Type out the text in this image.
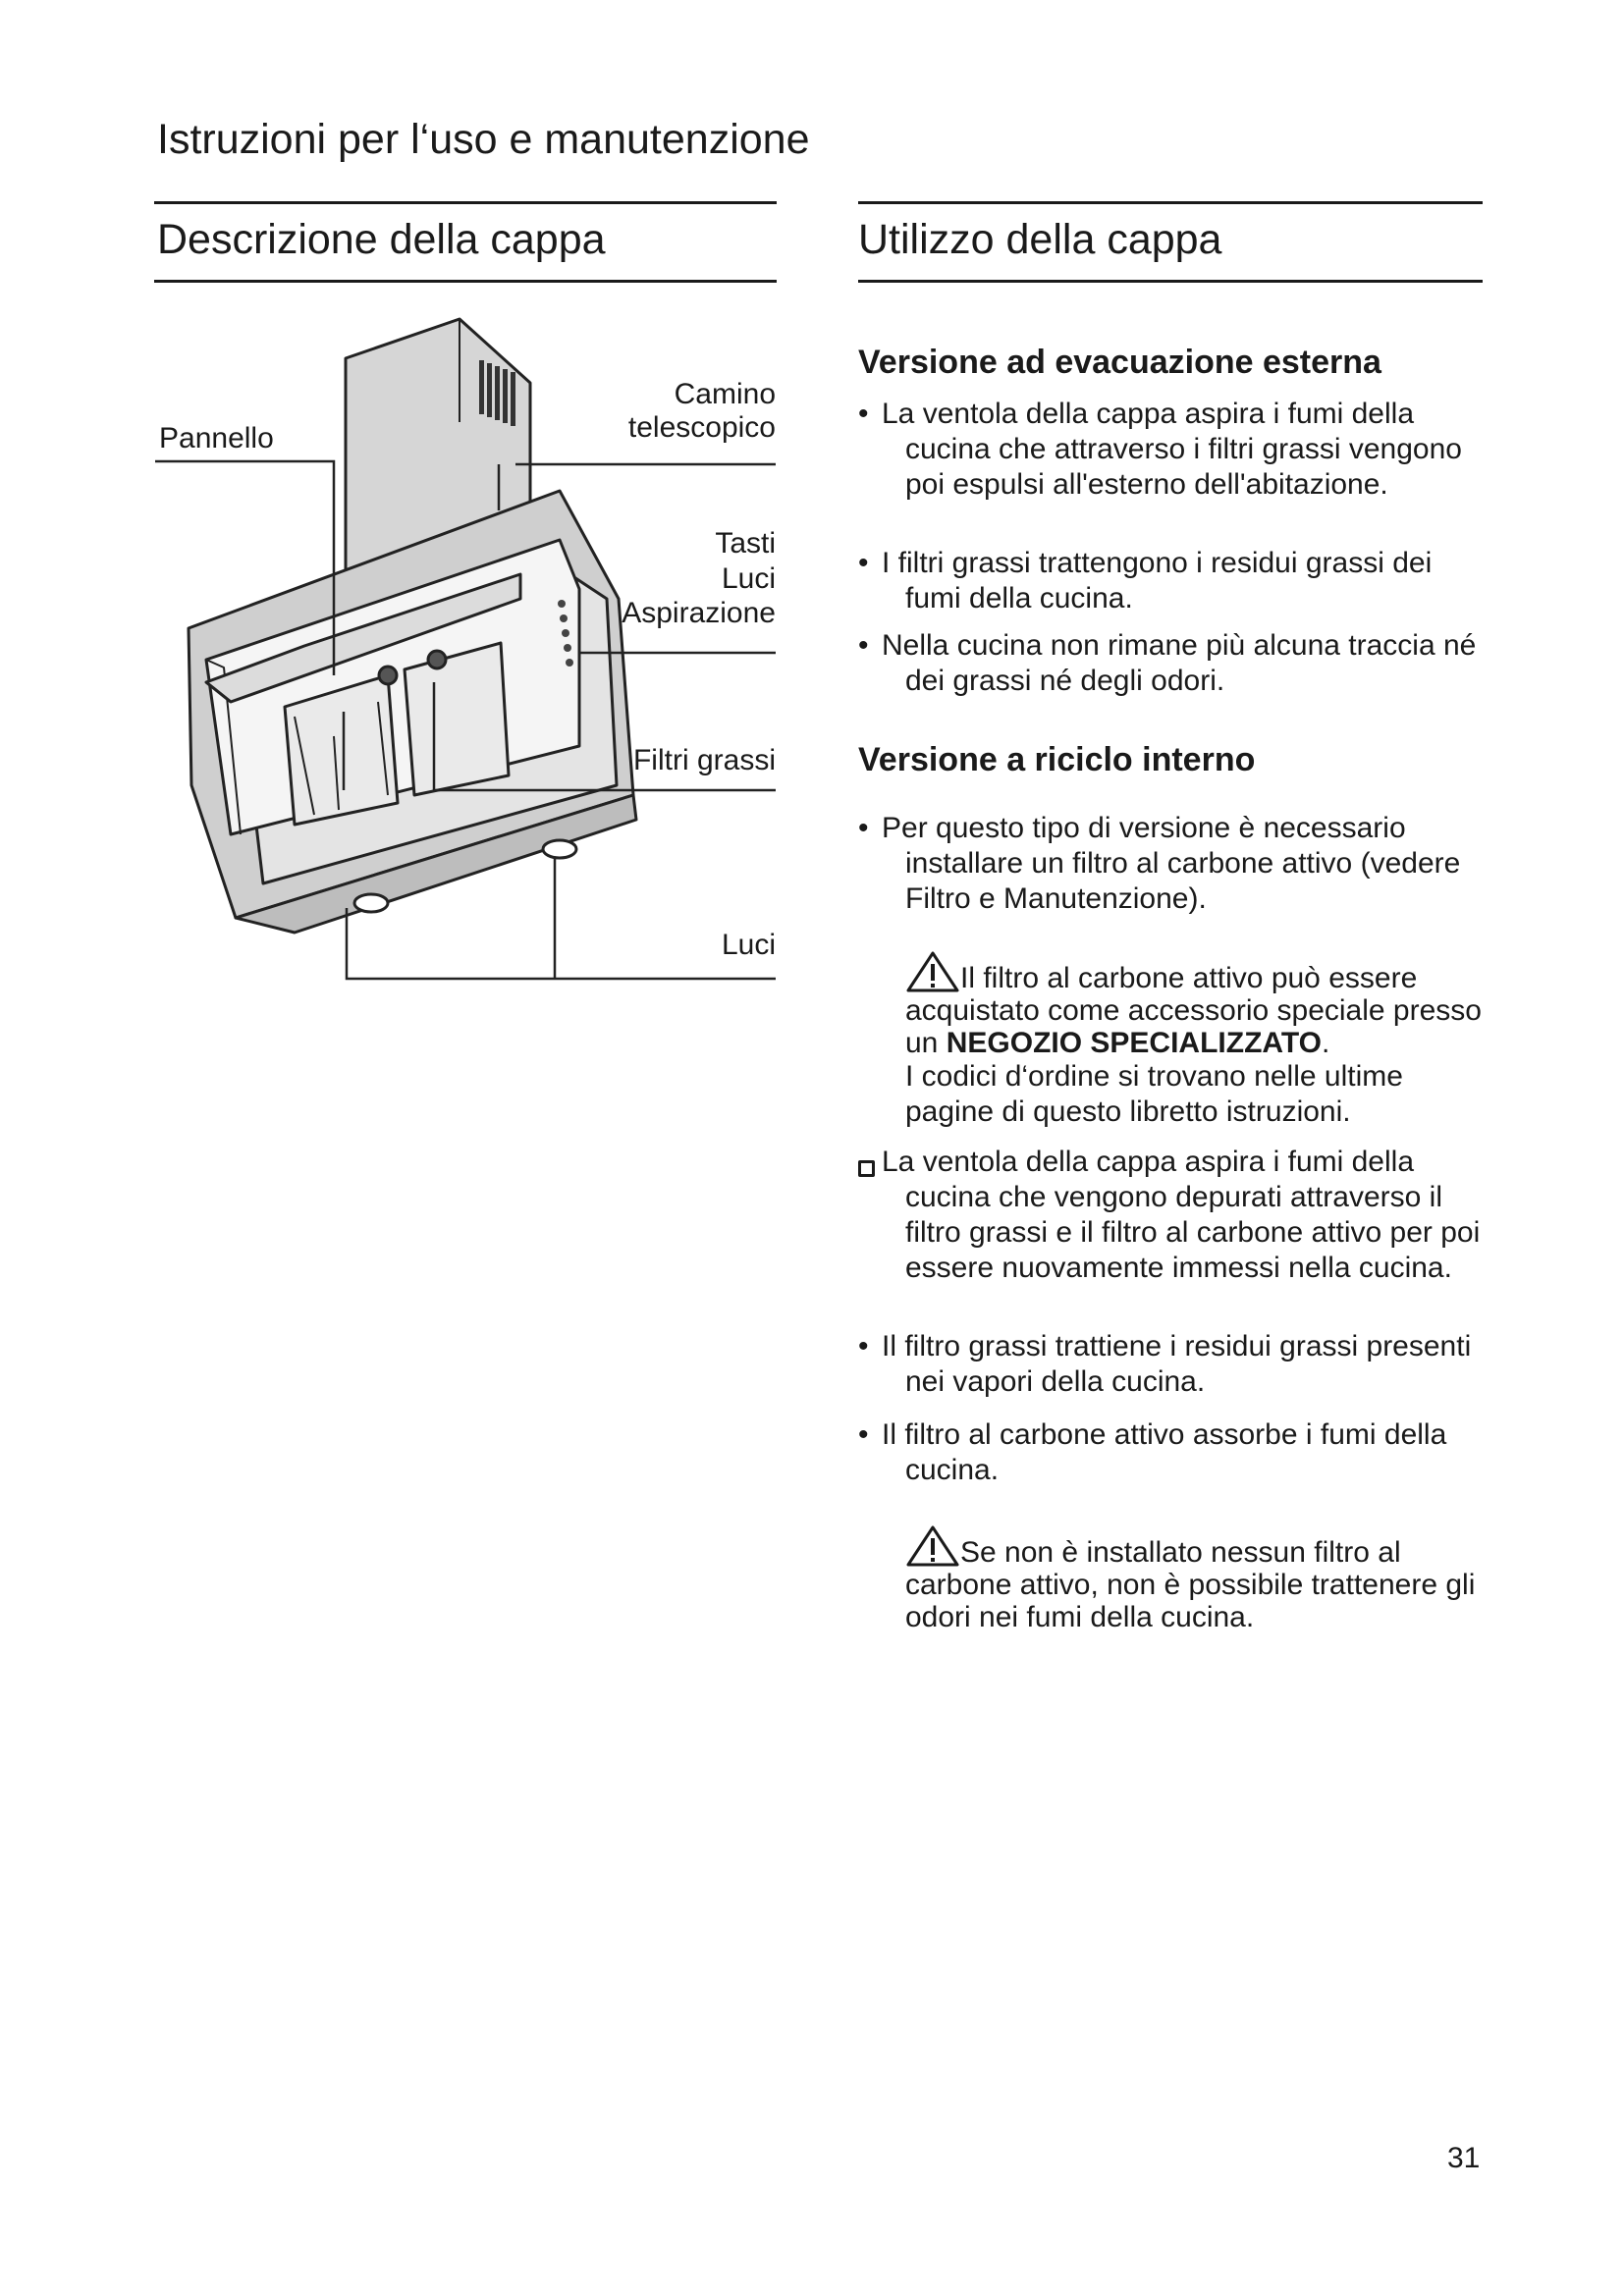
Istruzioni per l‘uso e manutenzione
Descrizione della cappa	Utilizzo della cappa
Pannello
Camino
telescopico
Tasti
Luci
Aspirazione
Filtri grassi
Luci
Versione ad evacuazione esterna
• La ventola della cappa aspira i fumi della cucina che attraverso i filtri grassi vengono poi espulsi all'esterno dell'abitazione.
• I filtri grassi trattengono i residui grassi dei fumi della cucina.
• Nella cucina non rimane più alcuna traccia né dei grassi né degli odori.
Versione a riciclo interno
• Per questo tipo di versione è necessario installare un filtro al carbone attivo (vedere Filtro e Manutenzione).
Il filtro al carbone attivo può essere acquistato come accessorio speciale presso un NEGOZIO SPECIALIZZATO.
I codici d‘ordine si trovano nelle ultime pagine di questo libretto istruzioni.
La ventola della cappa aspira i fumi della cucina che vengono depurati attraverso il filtro grassi e il filtro al carbone attivo per poi essere nuovamente immessi nella cucina.
• Il filtro grassi trattiene i residui grassi presenti nei vapori della cucina.
• Il filtro al carbone attivo assorbe i fumi della cucina.
Se non è installato nessun filtro al carbone attivo, non è possibile trattenere gli odori nei fumi della cucina.
31
